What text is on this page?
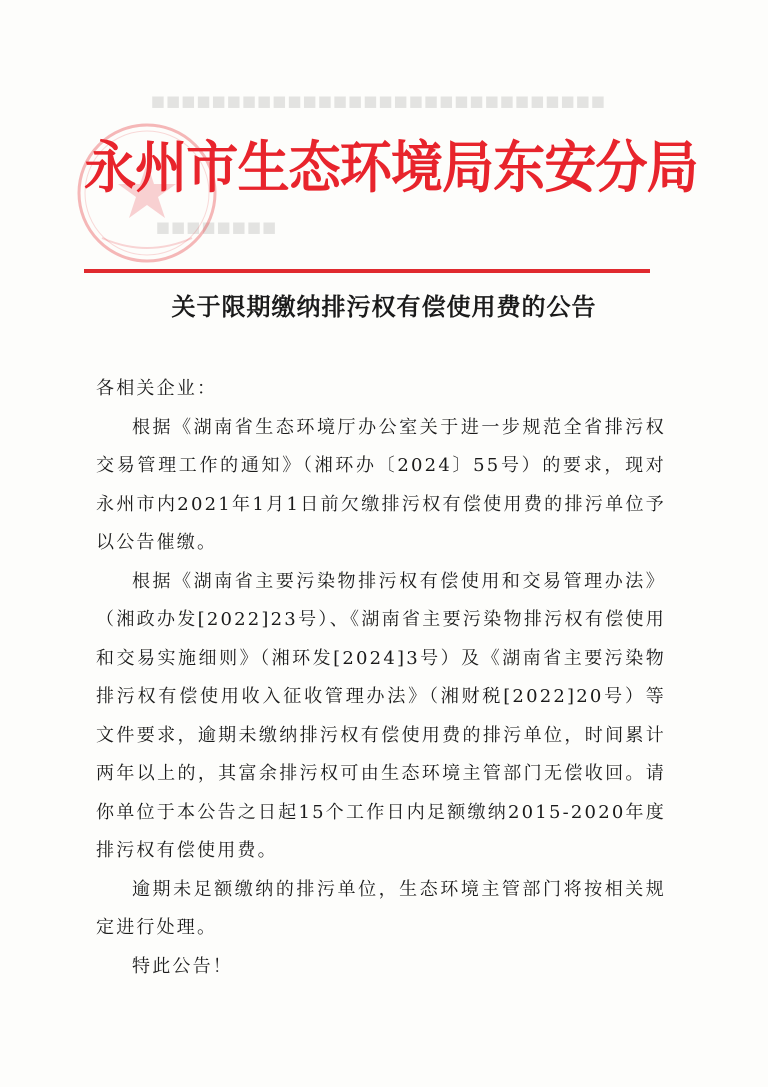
■■■■■■■■■■■■■■■■■■■■■■■■■■■■■■
■■■■■■■■
永州市生态环境局东安分局
关于限期缴纳排污权有偿使用费的公告

各相关企业：

根据《湖南省生态环境厅办公室关于进一步规范全省排污权交易管理工作的通知》（湘环办〔2024〕55号）的要求，现对永州市内2021年1月1日前欠缴排污权有偿使用费的排污单位予以公告催缴。

根据《湖南省主要污染物排污权有偿使用和交易管理办法》（湘政办发[2022]23号）、《湖南省主要污染物排污权有偿使用和交易实施细则》（湘环发[2024]3号）及《湖南省主要污染物排污权有偿使用收入征收管理办法》（湘财税[2022]20号）等文件要求，逾期未缴纳排污权有偿使用费的排污单位，时间累计两年以上的，其富余排污权可由生态环境主管部门无偿收回。请你单位于本公告之日起15个工作日内足额缴纳2015-2020年度排污权有偿使用费。

逾期未足额缴纳的排污单位，生态环境主管部门将按相关规定进行处理。

特此公告！
